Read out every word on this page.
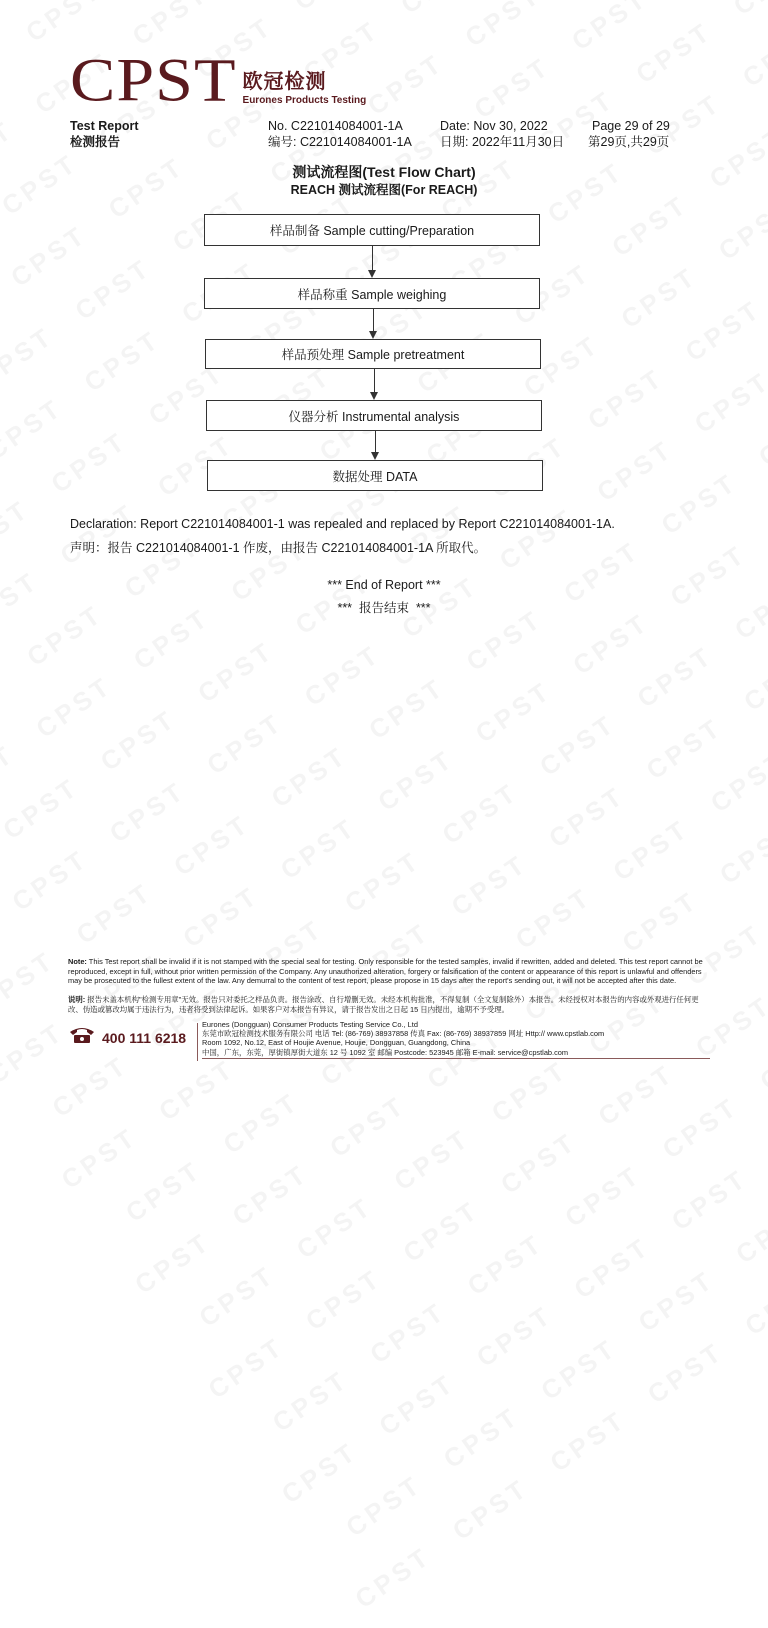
CPST 欧冠检测
Eurones Products Testing
Test Report
检测报告
No. C221014084001-1A
编号: C221014084001-1A
Date: Nov 30, 2022
日期: 2022年11月30日
Page 29 of 29
第29页,共29页
测试流程图(Test Flow Chart)
REACH 测试流程图(For REACH)
样品制备 Sample cutting/Preparation
样品称重 Sample weighing
样品预处理 Sample pretreatment
仪器分析 Instrumental analysis
数据处理 DATA
Declaration: Report C221014084001-1 was repealed and replaced by Report C221014084001-1A.
声明：报告 C221014084001-1 作废，由报告 C221014084001-1A 所取代。
*** End of Report ***
***  报告结束  ***
Note: This Test report shall be invalid if it is not stamped with the special seal for testing. Only responsible for the tested samples, invalid if rewritten, added and deleted. This test report cannot be reproduced, except in full, without prior written permission of the Company. Any unauthorized alteration, forgery or falsification of the content or appearance of this report is unlawful and offenders may be prosecuted to the fullest extent of the law. Any demurral to the content of test report, please propose in 15 days after the report's sending out, it will not be accepted after this date.
说明: 报告未盖本机构"检测专用章"无效。报告只对委托之样品负责。报告涂改、自行增删无效。未经本机构批准，不得复制（全文复制除外）本报告。未经授权对本报告的内容或外观进行任何更改、伪造或篡改均属于违法行为，违者将受到法律起诉。如果客户对本报告有异议，请于报告发出之日起 15 日内提出，逾期不予受理。
400 111 6218
Eurones (Dongguan) Consumer Products Testing Service Co., Ltd
东莞市欧冠检测技术服务有限公司 电话 Tel: (86-769) 38937858 传真 Fax: (86-769) 38937859 网址 Http:// www.cpstlab.com
Room 1092, No.12, East of Houjie Avenue, Houjie, Dongguan, Guangdong, China
中国，广东，东莞，厚街镇厚街大道东 12 号 1092 室 邮编 Postcode: 523945 邮箱 E-mail: service@cpstlab.com
